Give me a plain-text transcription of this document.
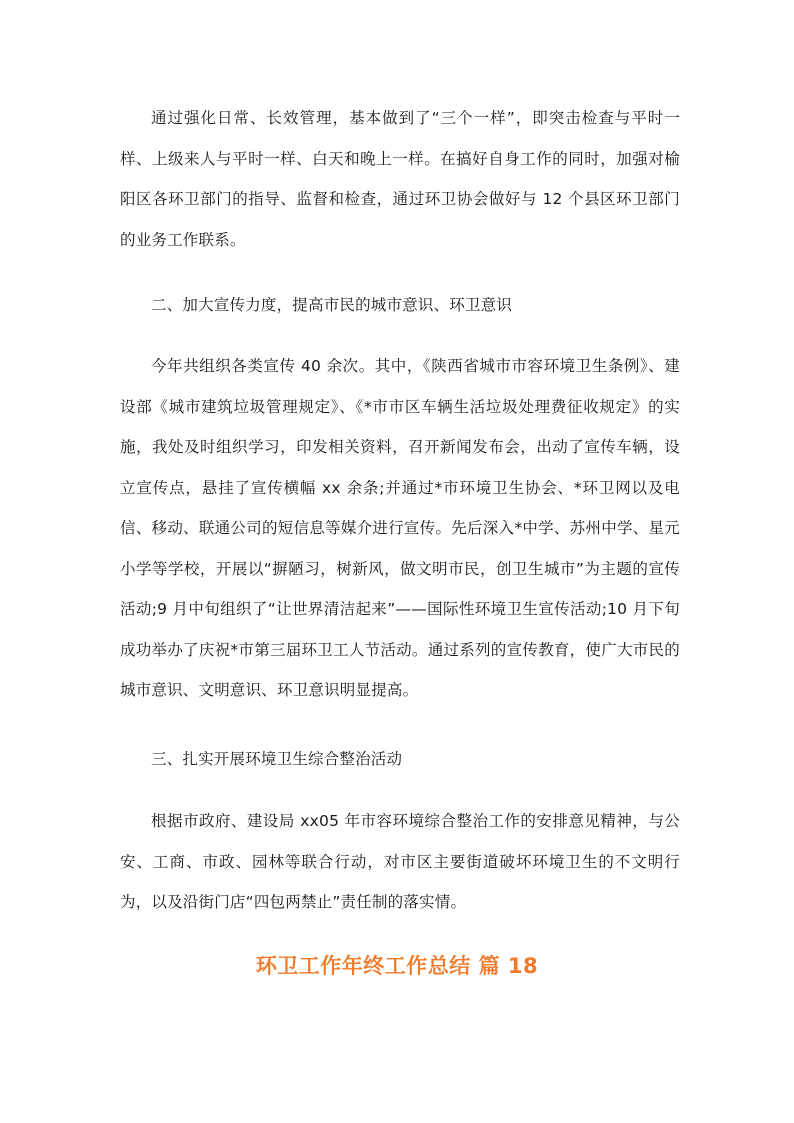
通过强化日常、长效管理，基本做到了“三个一样”，即突击检查与平时一样、上级来人与平时一样、白天和晚上一样。在搞好自身工作的同时，加强对榆阳区各环卫部门的指导、监督和检查，通过环卫协会做好与 12 个县区环卫部门的业务工作联系。

二、加大宣传力度，提高市民的城市意识、环卫意识

今年共组织各类宣传 40 余次。其中，《陕西省城市市容环境卫生条例》、建设部《城市建筑垃圾管理规定》、《*市市区车辆生活垃圾处理费征收规定》的实施，我处及时组织学习，印发相关资料，召开新闻发布会，出动了宣传车辆，设立宣传点，悬挂了宣传横幅 xx 余条;并通过*市环境卫生协会、*环卫网以及电信、移动、联通公司的短信息等媒介进行宣传。先后深入*中学、苏州中学、星元小学等学校，开展以“摒陋习，树新风，做文明市民，创卫生城市”为主题的宣传活动;9 月中旬组织了“让世界清洁起来”——国际性环境卫生宣传活动;10 月下旬成功举办了庆祝*市第三届环卫工人节活动。通过系列的宣传教育，使广大市民的城市意识、文明意识、环卫意识明显提高。

三、扎实开展环境卫生综合整治活动

根据市政府、建设局 xx05 年市容环境综合整治工作的安排意见精神，与公安、工商、市政、园林等联合行动，对市区主要街道破坏环境卫生的不文明行为，以及沿街门店“四包两禁止”责任制的落实情。

环卫工作年终工作总结 篇 18
